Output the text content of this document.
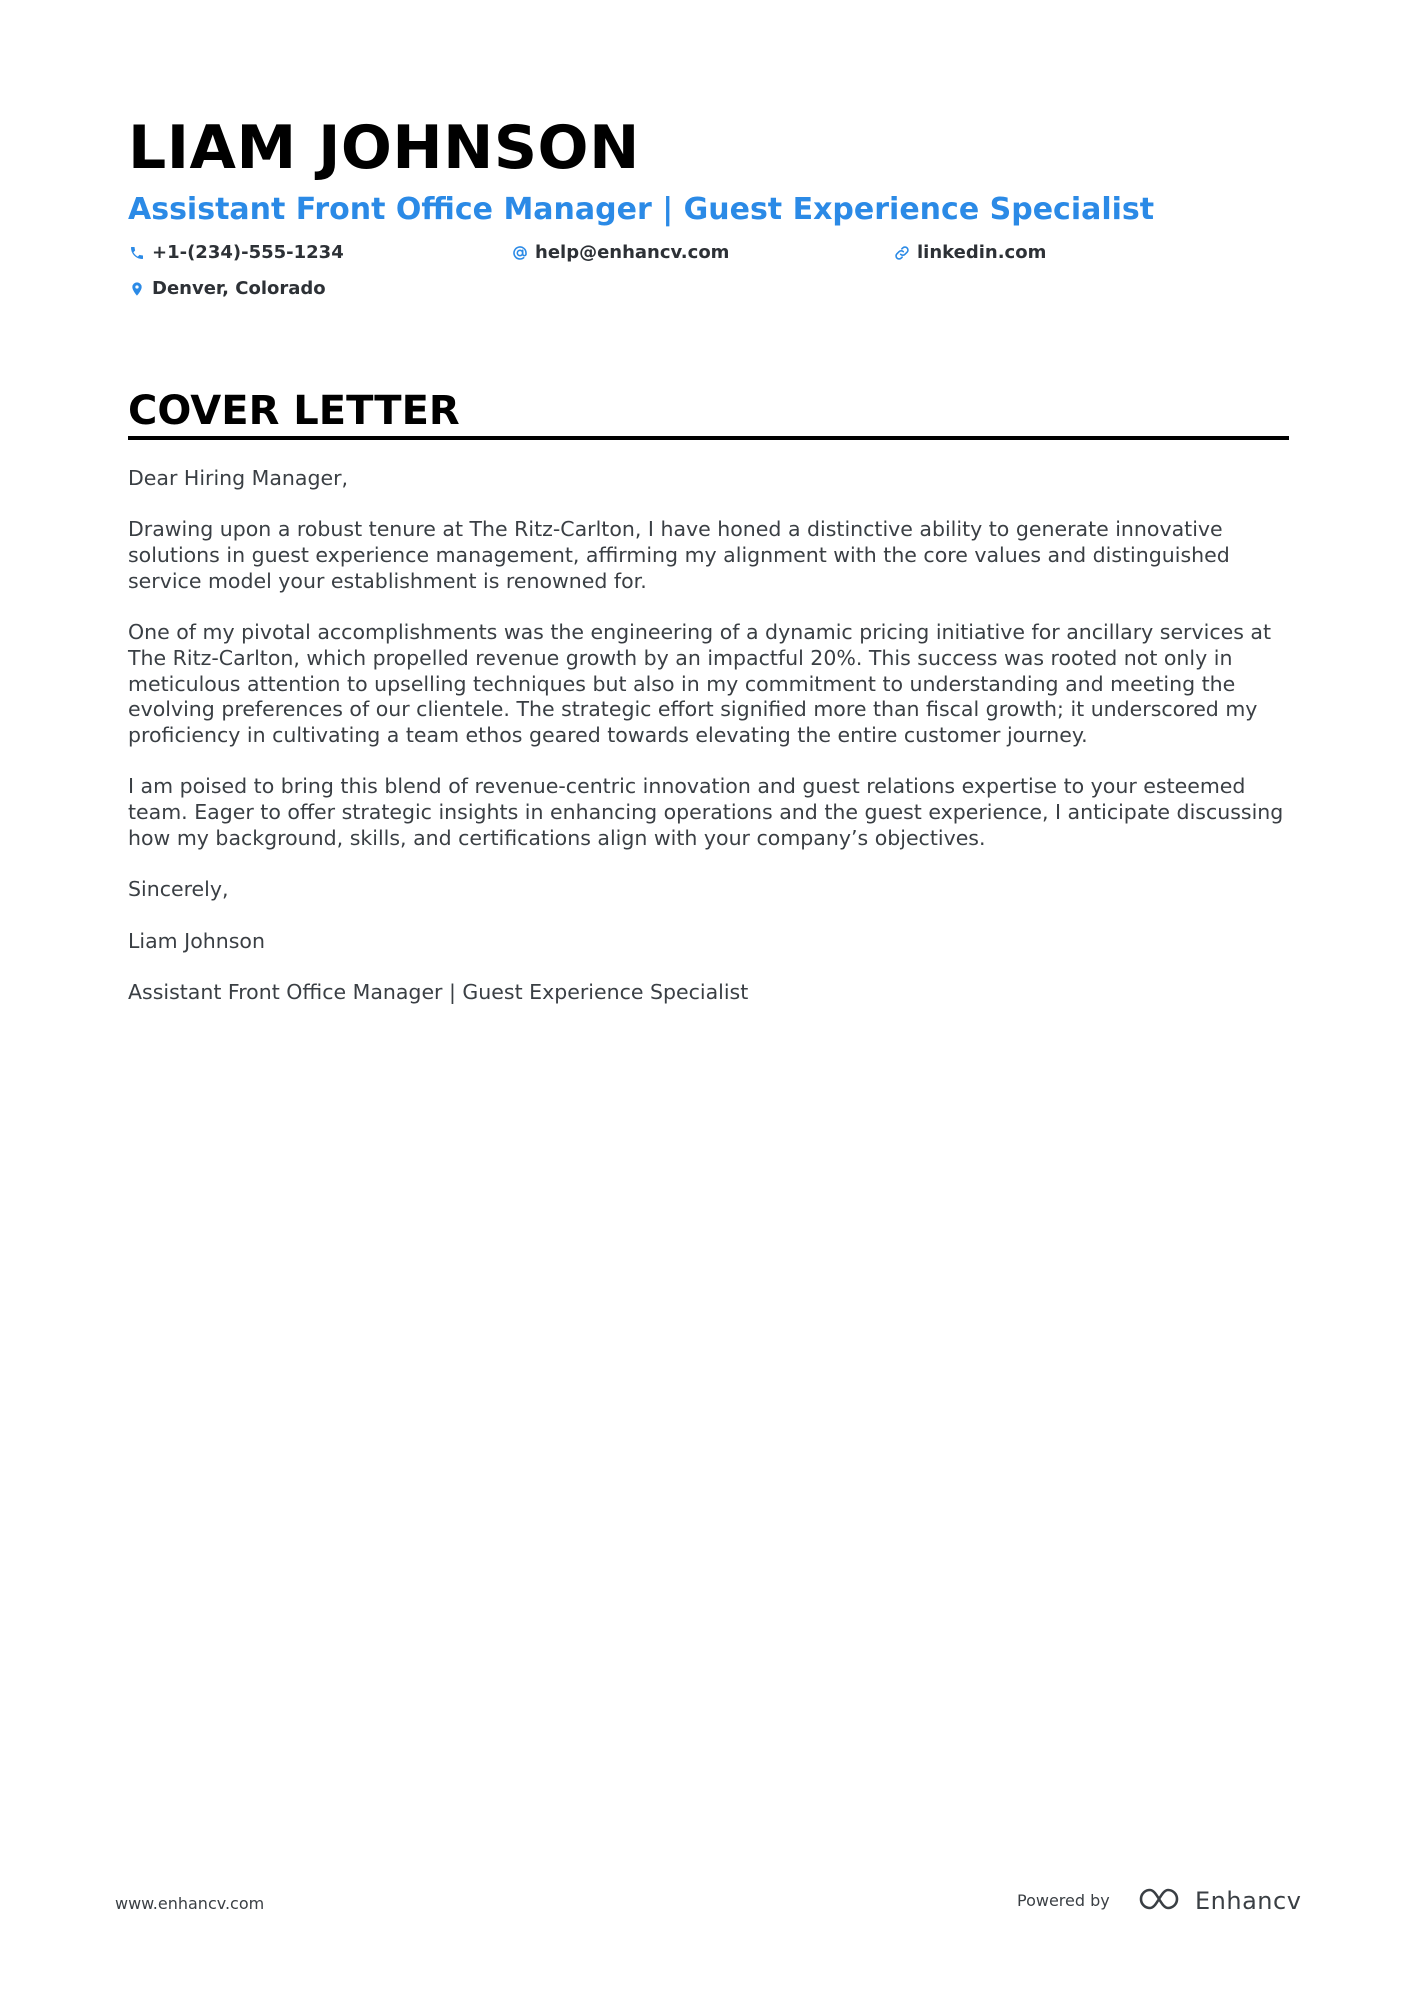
LIAM JOHNSON
Assistant Front Office Manager | Guest Experience Specialist
+1-(234)-555-1234	help@enhancv.com	linkedin.com
Denver, Colorado
COVER LETTER

Dear Hiring Manager,

Drawing upon a robust tenure at The Ritz-Carlton, I have honed a distinctive ability to generate innovative solutions in guest experience management, affirming my alignment with the core values and distinguished service model your establishment is renowned for.

One of my pivotal accomplishments was the engineering of a dynamic pricing initiative for ancillary services at The Ritz-Carlton, which propelled revenue growth by an impactful 20%. This success was rooted not only in meticulous attention to upselling techniques but also in my commitment to understanding and meeting the evolving preferences of our clientele. The strategic effort signified more than fiscal growth; it underscored my proficiency in cultivating a team ethos geared towards elevating the entire customer journey.

I am poised to bring this blend of revenue-centric innovation and guest relations expertise to your esteemed team. Eager to offer strategic insights in enhancing operations and the guest experience, I anticipate discussing how my background, skills, and certifications align with your company’s objectives.

Sincerely,

Liam Johnson

Assistant Front Office Manager | Guest Experience Specialist

www.enhancv.com	Powered by	Enhancv
